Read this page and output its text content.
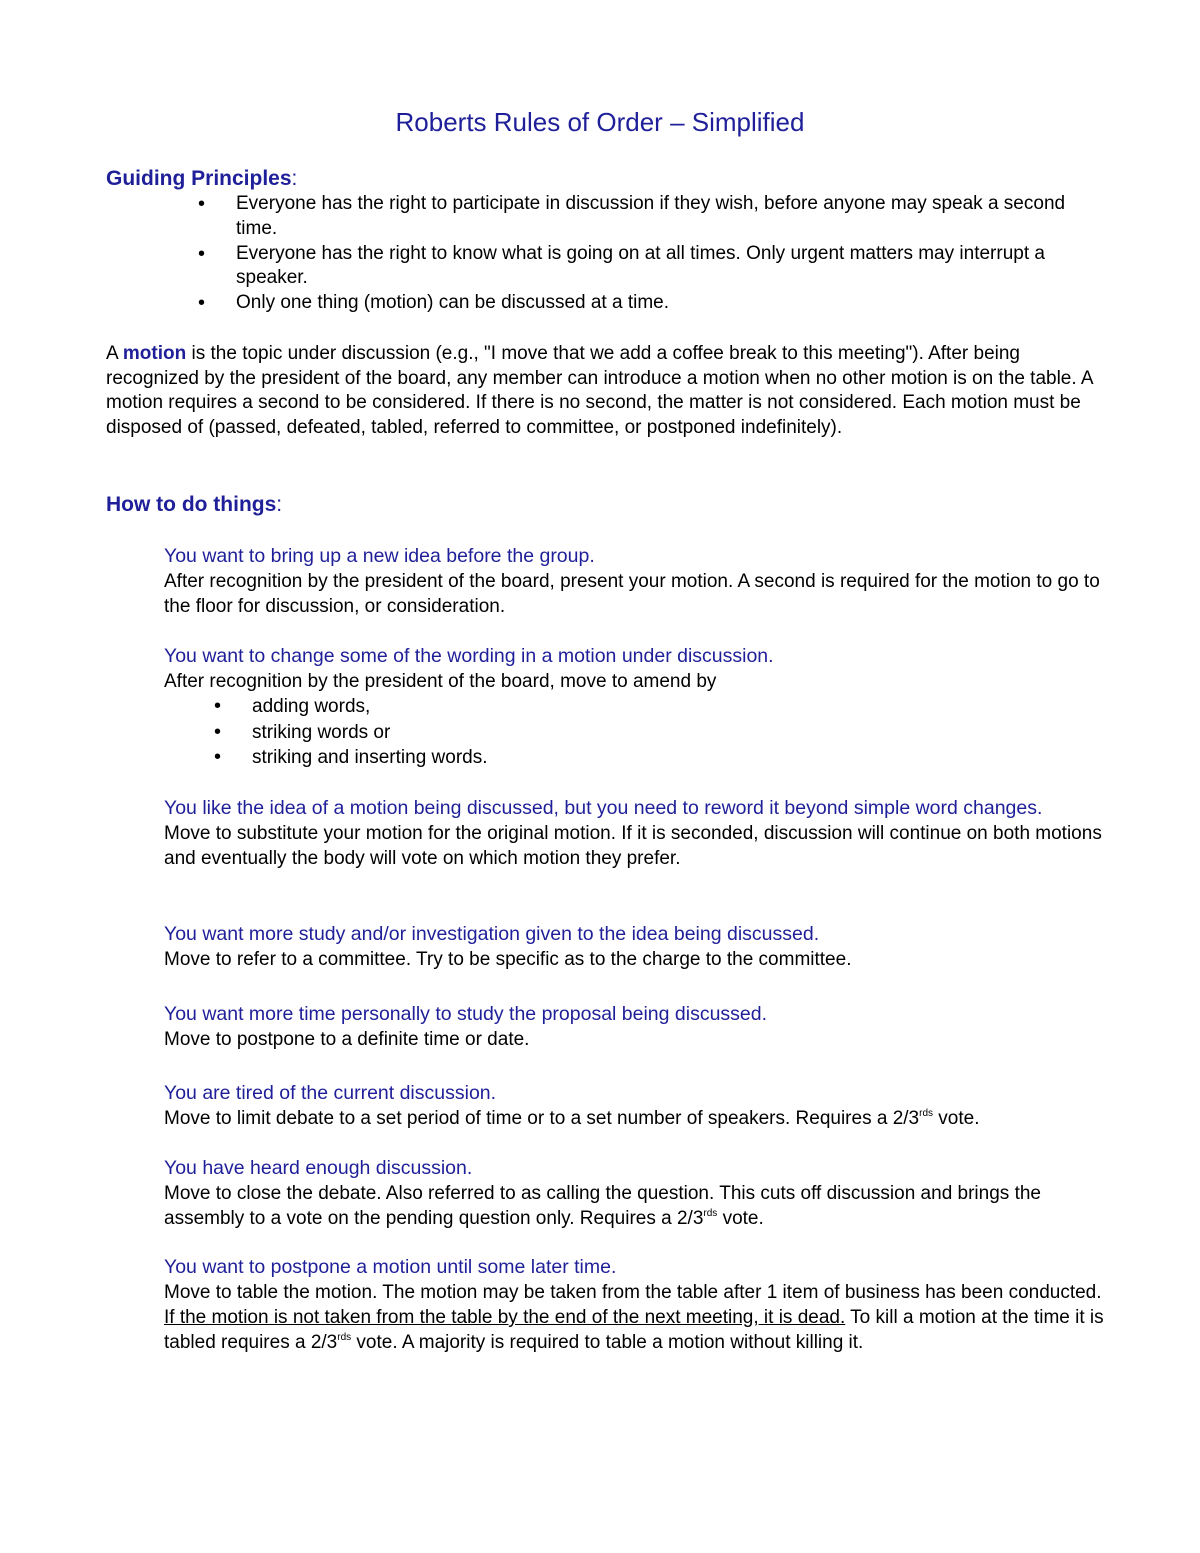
Roberts Rules of Order – Simplified
Guiding Principles:
• Everyone has the right to participate in discussion if they wish, before anyone may speak a second time.
• Everyone has the right to know what is going on at all times. Only urgent matters may interrupt a speaker.
• Only one thing (motion) can be discussed at a time.
A motion is the topic under discussion (e.g., "I move that we add a coffee break to this meeting"). After being recognized by the president of the board, any member can introduce a motion when no other motion is on the table. A motion requires a second to be considered. If there is no second, the matter is not considered. Each motion must be disposed of (passed, defeated, tabled, referred to committee, or postponed indefinitely).
How to do things:
You want to bring up a new idea before the group.
After recognition by the president of the board, present your motion. A second is required for the motion to go to the floor for discussion, or consideration.
You want to change some of the wording in a motion under discussion.
After recognition by the president of the board, move to amend by
• adding words,
• striking words or
• striking and inserting words.
You like the idea of a motion being discussed, but you need to reword it beyond simple word changes.
Move to substitute your motion for the original motion. If it is seconded, discussion will continue on both motions and eventually the body will vote on which motion they prefer.
You want more study and/or investigation given to the idea being discussed.
Move to refer to a committee. Try to be specific as to the charge to the committee.
You want more time personally to study the proposal being discussed.
Move to postpone to a definite time or date.
You are tired of the current discussion.
Move to limit debate to a set period of time or to a set number of speakers. Requires a $2/3^{rds}$ vote.
You have heard enough discussion.
Move to close the debate. Also referred to as calling the question. This cuts off discussion and brings the assembly to a vote on the pending question only. Requires a $2/3^{rds}$ vote.
You want to postpone a motion until some later time.
Move to table the motion. The motion may be taken from the table after 1 item of business has been conducted. If the motion is not taken from the table by the end of the next meeting, it is dead. To kill a motion at the time it is tabled requires a $2/3^{rds}$ vote. A majority is required to table a motion without killing it.
